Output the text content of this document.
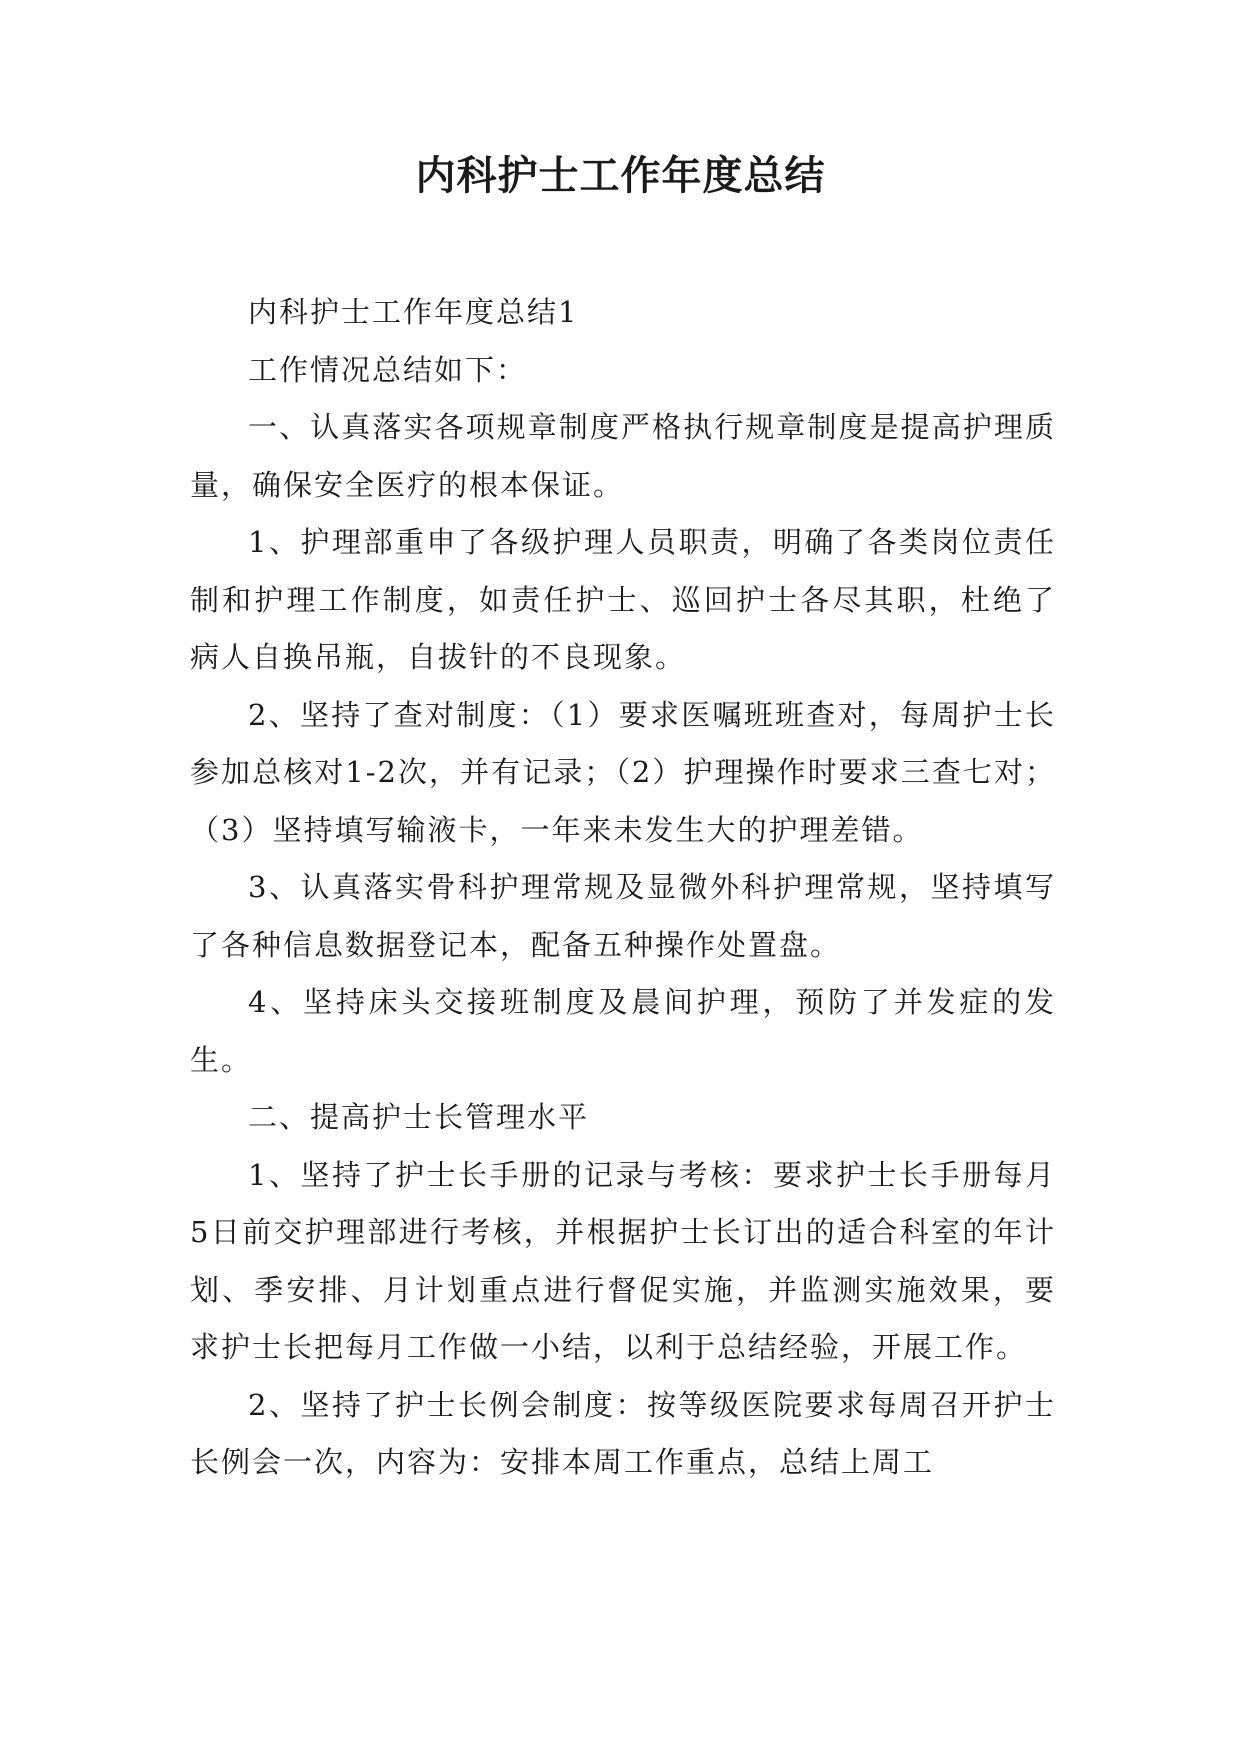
内科护士工作年度总结

内科护士工作年度总结1

工作情况总结如下：

一、认真落实各项规章制度严格执行规章制度是提高护理质量，确保安全医疗的根本保证。

1、护理部重申了各级护理人员职责，明确了各类岗位责任制和护理工作制度，如责任护士、巡回护士各尽其职，杜绝了病人自换吊瓶，自拔针的不良现象。

2、坚持了查对制度：（1）要求医嘱班班查对，每周护士长参加总核对1-2次，并有记录；（2）护理操作时要求三查七对；（3）坚持填写输液卡，一年来未发生大的护理差错。

3、认真落实骨科护理常规及显微外科护理常规，坚持填写了各种信息数据登记本，配备五种操作处置盘。

4、坚持床头交接班制度及晨间护理，预防了并发症的发生。

二、提高护士长管理水平

1、坚持了护士长手册的记录与考核：要求护士长手册每月5日前交护理部进行考核，并根据护士长订出的适合科室的年计划、季安排、月计划重点进行督促实施，并监测实施效果，要求护士长把每月工作做一小结，以利于总结经验，开展工作。

2、坚持了护士长例会制度：按等级医院要求每周召开护士长例会一次，内容为：安排本周工作重点，总结上周工
